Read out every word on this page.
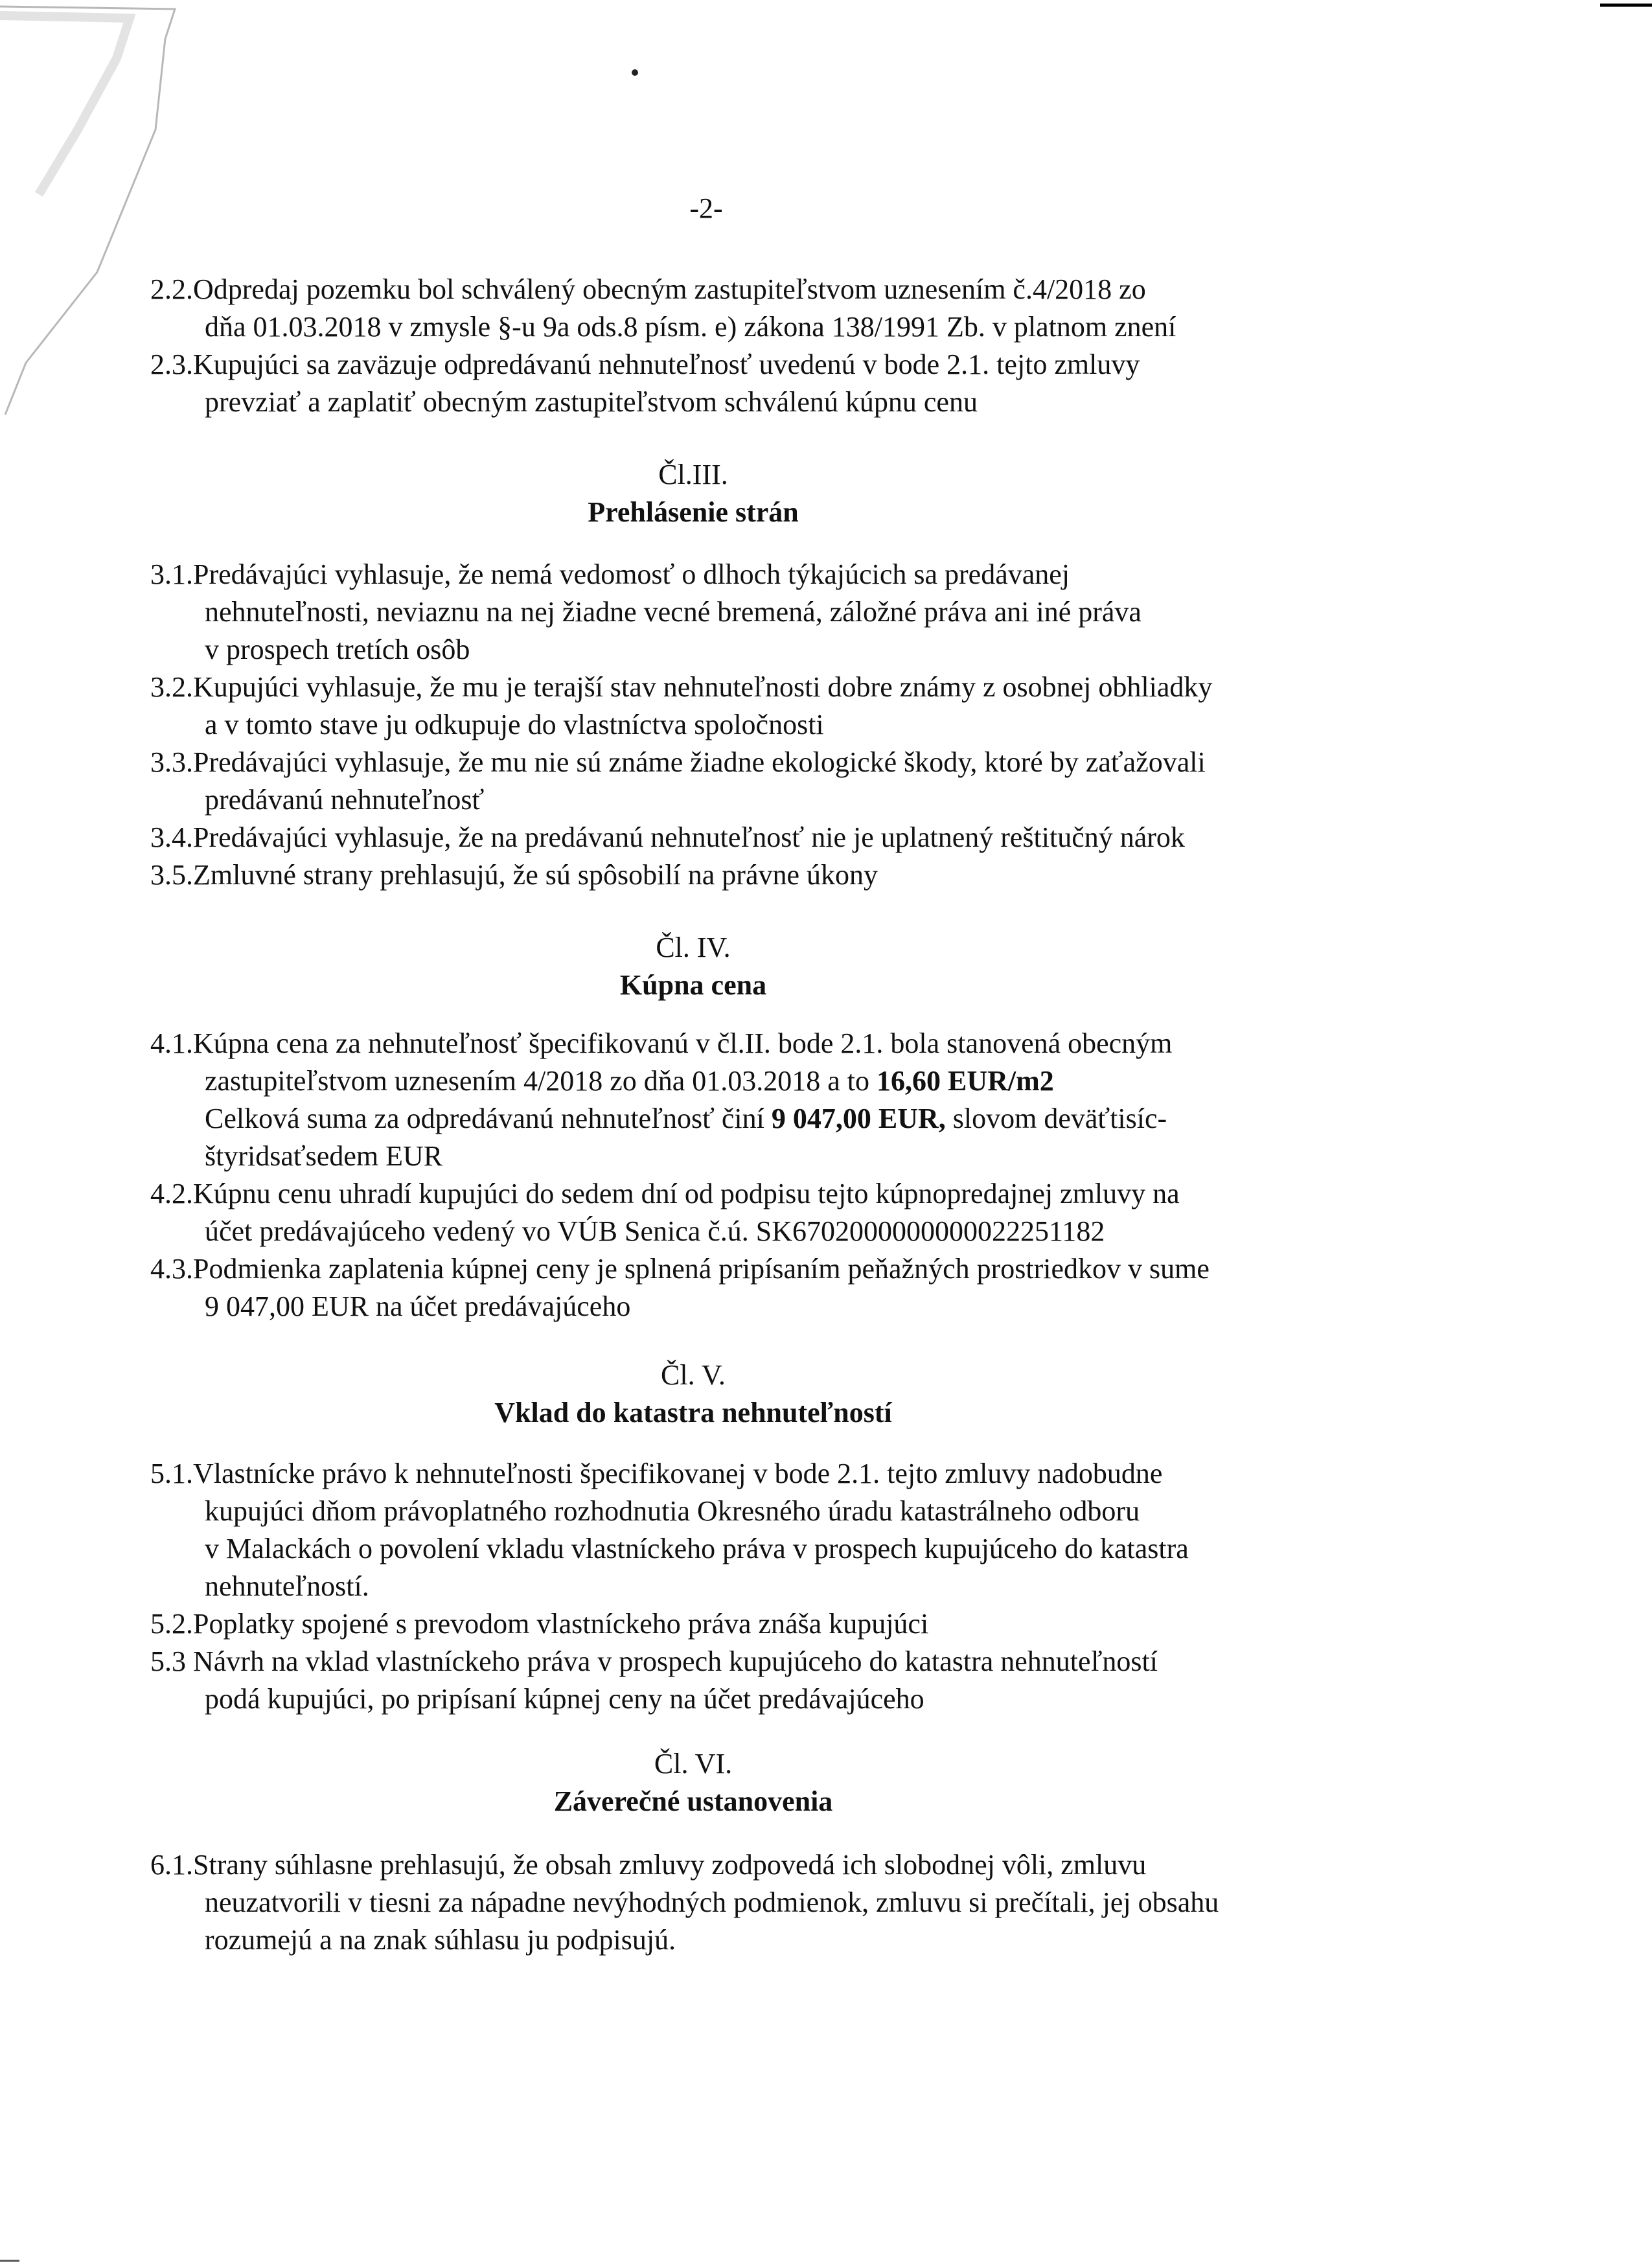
-2-
2.2.Odpredaj pozemku bol schválený obecným zastupiteľstvom uznesením č.4/2018 zo
dňa 01.03.2018 v zmysle §-u 9a ods.8 písm. e) zákona 138/1991 Zb. v platnom znení
2.3.Kupujúci sa zaväzuje odpredávanú nehnuteľnosť uvedenú v bode 2.1. tejto zmluvy
prevziať a zaplatiť obecným zastupiteľstvom schválenú kúpnu cenu
Čl.III.
Prehlásenie strán
3.1.Predávajúci vyhlasuje, že nemá vedomosť o dlhoch týkajúcich sa predávanej
nehnuteľnosti, neviaznu na nej žiadne vecné bremená, záložné práva ani iné práva
v prospech tretích osôb
3.2.Kupujúci vyhlasuje, že mu je terajší stav nehnuteľnosti dobre známy z osobnej obhliadky
a v tomto stave ju odkupuje do vlastníctva spoločnosti
3.3.Predávajúci vyhlasuje, že mu nie sú známe žiadne ekologické škody, ktoré by zaťažovali
predávanú nehnuteľnosť
3.4.Predávajúci vyhlasuje, že na predávanú nehnuteľnosť nie je uplatnený reštitučný nárok
3.5.Zmluvné strany prehlasujú, že sú spôsobilí na právne úkony
Čl. IV.
Kúpna cena
4.1.Kúpna cena za nehnuteľnosť špecifikovanú v čl.II. bode 2.1. bola stanovená obecným
zastupiteľstvom uznesením 4/2018 zo dňa 01.03.2018 a to 16,60 EUR/m2
Celková suma za odpredávanú nehnuteľnosť činí 9 047,00 EUR, slovom deväťtisíc-
štyridsaťsedem EUR
4.2.Kúpnu cenu uhradí kupujúci do sedem dní od podpisu tejto kúpnopredajnej zmluvy na
účet predávajúceho vedený vo VÚB Senica č.ú. SK6702000000000022251182
4.3.Podmienka zaplatenia kúpnej ceny je splnená pripísaním peňažných prostriedkov v sume
9 047,00 EUR na účet predávajúceho
Čl. V.
Vklad do katastra nehnuteľností
5.1.Vlastnícke právo k nehnuteľnosti špecifikovanej v bode 2.1. tejto zmluvy nadobudne
kupujúci dňom právoplatného rozhodnutia Okresného úradu katastrálneho odboru
v Malackách o povolení vkladu vlastníckeho práva v prospech kupujúceho do katastra
nehnuteľností.
5.2.Poplatky spojené s prevodom vlastníckeho práva znáša kupujúci
5.3 Návrh na vklad vlastníckeho práva v prospech kupujúceho do katastra nehnuteľností
podá kupujúci, po pripísaní kúpnej ceny na účet predávajúceho
Čl. VI.
Záverečné ustanovenia
6.1.Strany súhlasne prehlasujú, že obsah zmluvy zodpovedá ich slobodnej vôli, zmluvu
neuzatvorili v tiesni za nápadne nevýhodných podmienok, zmluvu si prečítali, jej obsahu
rozumejú a na znak súhlasu ju podpisujú.
